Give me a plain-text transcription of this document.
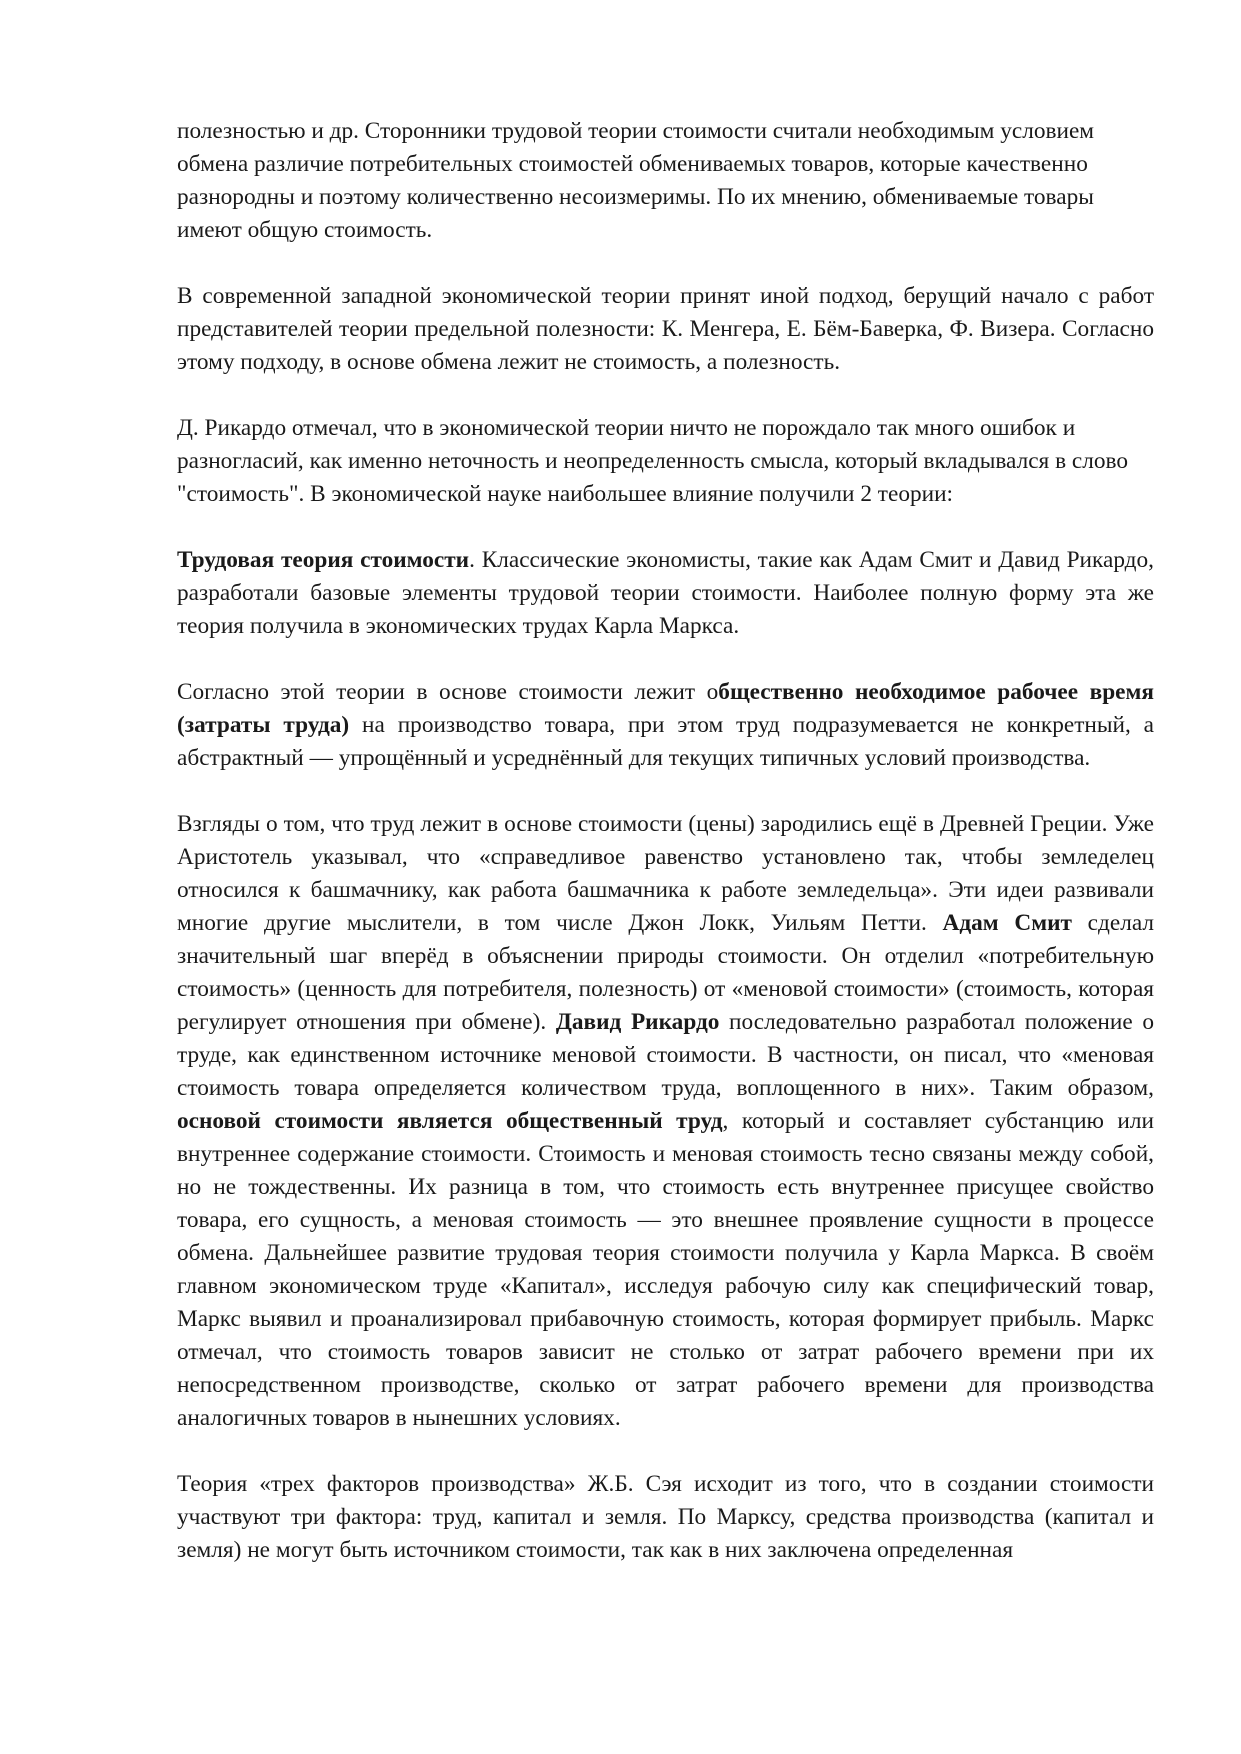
полезностью и др. Сторонники трудовой теории стоимости считали необходимым условием обмена различие потребительных стоимостей обмениваемых товаров, которые качественно разнородны и поэтому количественно несоизмеримы. По их мнению, обмениваемые товары имеют общую стоимость.

В современной западной экономической теории принят иной подход, берущий начало с работ представителей теории предельной полезности: К. Менгера, Е. Бём-Баверка, Ф. Визера. Согласно этому подходу, в основе обмена лежит не стоимость, а полезность.

Д. Рикардо отмечал, что в экономической теории ничто не порождало так много ошибок и разногласий, как именно неточность и неопределенность смысла, который вкладывался в слово "стоимость". В экономической науке наибольшее влияние получили 2 теории:

Трудовая теория стоимости. Классические экономисты, такие как Адам Смит и Давид Рикардо, разработали базовые элементы трудовой теории стоимости. Наиболее полную форму эта же теория получила в экономических трудах Карла Маркса.

Согласно этой теории в основе стоимости лежит общественно необходимое рабочее время (затраты труда) на производство товара, при этом труд подразумевается не конкретный, а абстрактный — упрощённый и усреднённый для текущих типичных условий производства.

Взгляды о том, что труд лежит в основе стоимости (цены) зародились ещё в Древней Греции. Уже Аристотель указывал, что «справедливое равенство установлено так, чтобы земледелец относился к башмачнику, как работа башмачника к работе земледельца». Эти идеи развивали многие другие мыслители, в том числе Джон Локк, Уильям Петти. Адам Смит сделал значительный шаг вперёд в объяснении природы стоимости. Он отделил «потребительную стоимость» (ценность для потребителя, полезность) от «меновой стоимости» (стоимость, которая регулирует отношения при обмене). Давид Рикардо последовательно разработал положение о труде, как единственном источнике меновой стоимости. В частности, он писал, что «меновая стоимость товара определяется количеством труда, воплощенного в них». Таким образом, основой стоимости является общественный труд, который и составляет субстанцию или внутреннее содержание стоимости. Стоимость и меновая стоимость тесно связаны между собой, но не тождественны. Их разница в том, что стоимость есть внутреннее присущее свойство товара, его сущность, а меновая стоимость — это внешнее проявление сущности в процессе обмена. Дальнейшее развитие трудовая теория стоимости получила у Карла Маркса. В своём главном экономическом труде «Капитал», исследуя рабочую силу как специфический товар, Маркс выявил и проанализировал прибавочную стоимость, которая формирует прибыль. Маркс отмечал, что стоимость товаров зависит не столько от затрат рабочего времени при их непосредственном производстве, сколько от затрат рабочего времени для производства аналогичных товаров в нынешних условиях.

Теория «трех факторов производства» Ж.Б. Сэя исходит из того, что в создании стоимости участвуют три фактора: труд, капитал и земля. По Марксу, средства производства (капитал и земля) не могут быть источником стоимости, так как в них заключена определенная
